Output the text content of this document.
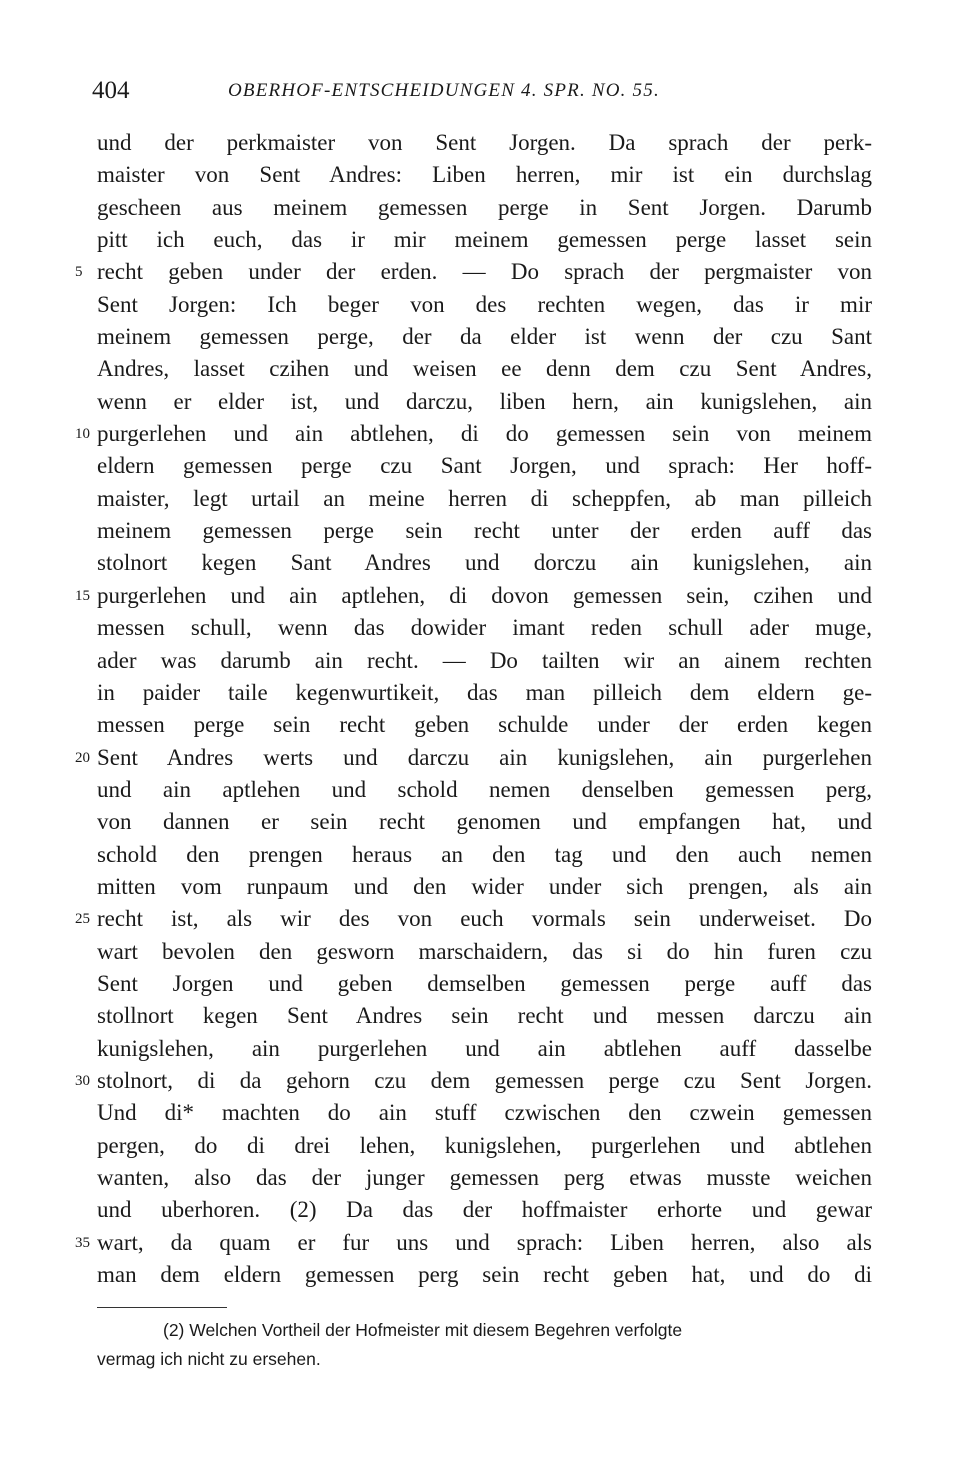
404	OBERHOF-ENTSCHEIDUNGEN 4. SPR. NO. 55.
und der perkmaister von Sent Jorgen. Da sprach der perk-
maister von Sent Andres: Liben herren, mir ist ein durchslag
gescheen aus meinem gemessen perge in Sent Jorgen. Darumb
pitt ich euch, das ir mir meinem gemessen perge lasset sein
recht geben under der erden. — Do sprach der pergmaister von
5
Sent Jorgen: Ich beger von des rechten wegen, das ir mir
meinem gemessen perge, der da elder ist wenn der czu Sant
Andres, lasset czihen und weisen ee denn dem czu Sent Andres,
wenn er elder ist, und darczu, liben hern, ain kunigslehen, ain
purgerlehen und ain abtlehen, di do gemessen sein von meinem
10
eldern gemessen perge czu Sant Jorgen, und sprach: Her hoff-
maister, legt urtail an meine herren di scheppfen, ab man pilleich
meinem gemessen perge sein recht unter der erden auff das
stolnort kegen Sant Andres und dorczu ain kunigslehen, ain
purgerlehen und ain aptlehen, di dovon gemessen sein, czihen und
15
messen schull, wenn das dowider imant reden schull ader muge,
ader was darumb ain recht. — Do tailten wir an ainem rechten
in paider taile kegenwurtikeit, das man pilleich dem eldern ge-
messen perge sein recht geben schulde under der erden kegen
Sent Andres werts und darczu ain kunigslehen, ain purgerlehen
20
und ain aptlehen und schold nemen denselben gemessen perg,
von dannen er sein recht genomen und empfangen hat, und
schold den prengen heraus an den tag und den auch nemen
mitten vom runpaum und den wider under sich prengen, als ain
recht ist, als wir des von euch vormals sein underweiset. Do
25
wart bevolen den gesworn marschaidern, das si do hin furen czu
Sent Jorgen und geben demselben gemessen perge auff das
stollnort kegen Sent Andres sein recht und messen darczu ain
kunigslehen, ain purgerlehen und ain abtlehen auff dasselbe
stolnort, di da gehorn czu dem gemessen perge czu Sent Jorgen.
30
Und di* machten do ain stuff czwischen den czwein gemessen
pergen, do di drei lehen, kunigslehen, purgerlehen und abtlehen
wanten, also das der junger gemessen perg etwas musste weichen
und uberhoren. (2) Da das der hoffmaister erhorte und gewar
wart, da quam er fur uns und sprach: Liben herren, also als
35
man dem eldern gemessen perg sein recht geben hat, und do di
(2) Welchen Vortheil der Hofmeister mit diesem Begehren verfolgte
vermag ich nicht zu ersehen.
